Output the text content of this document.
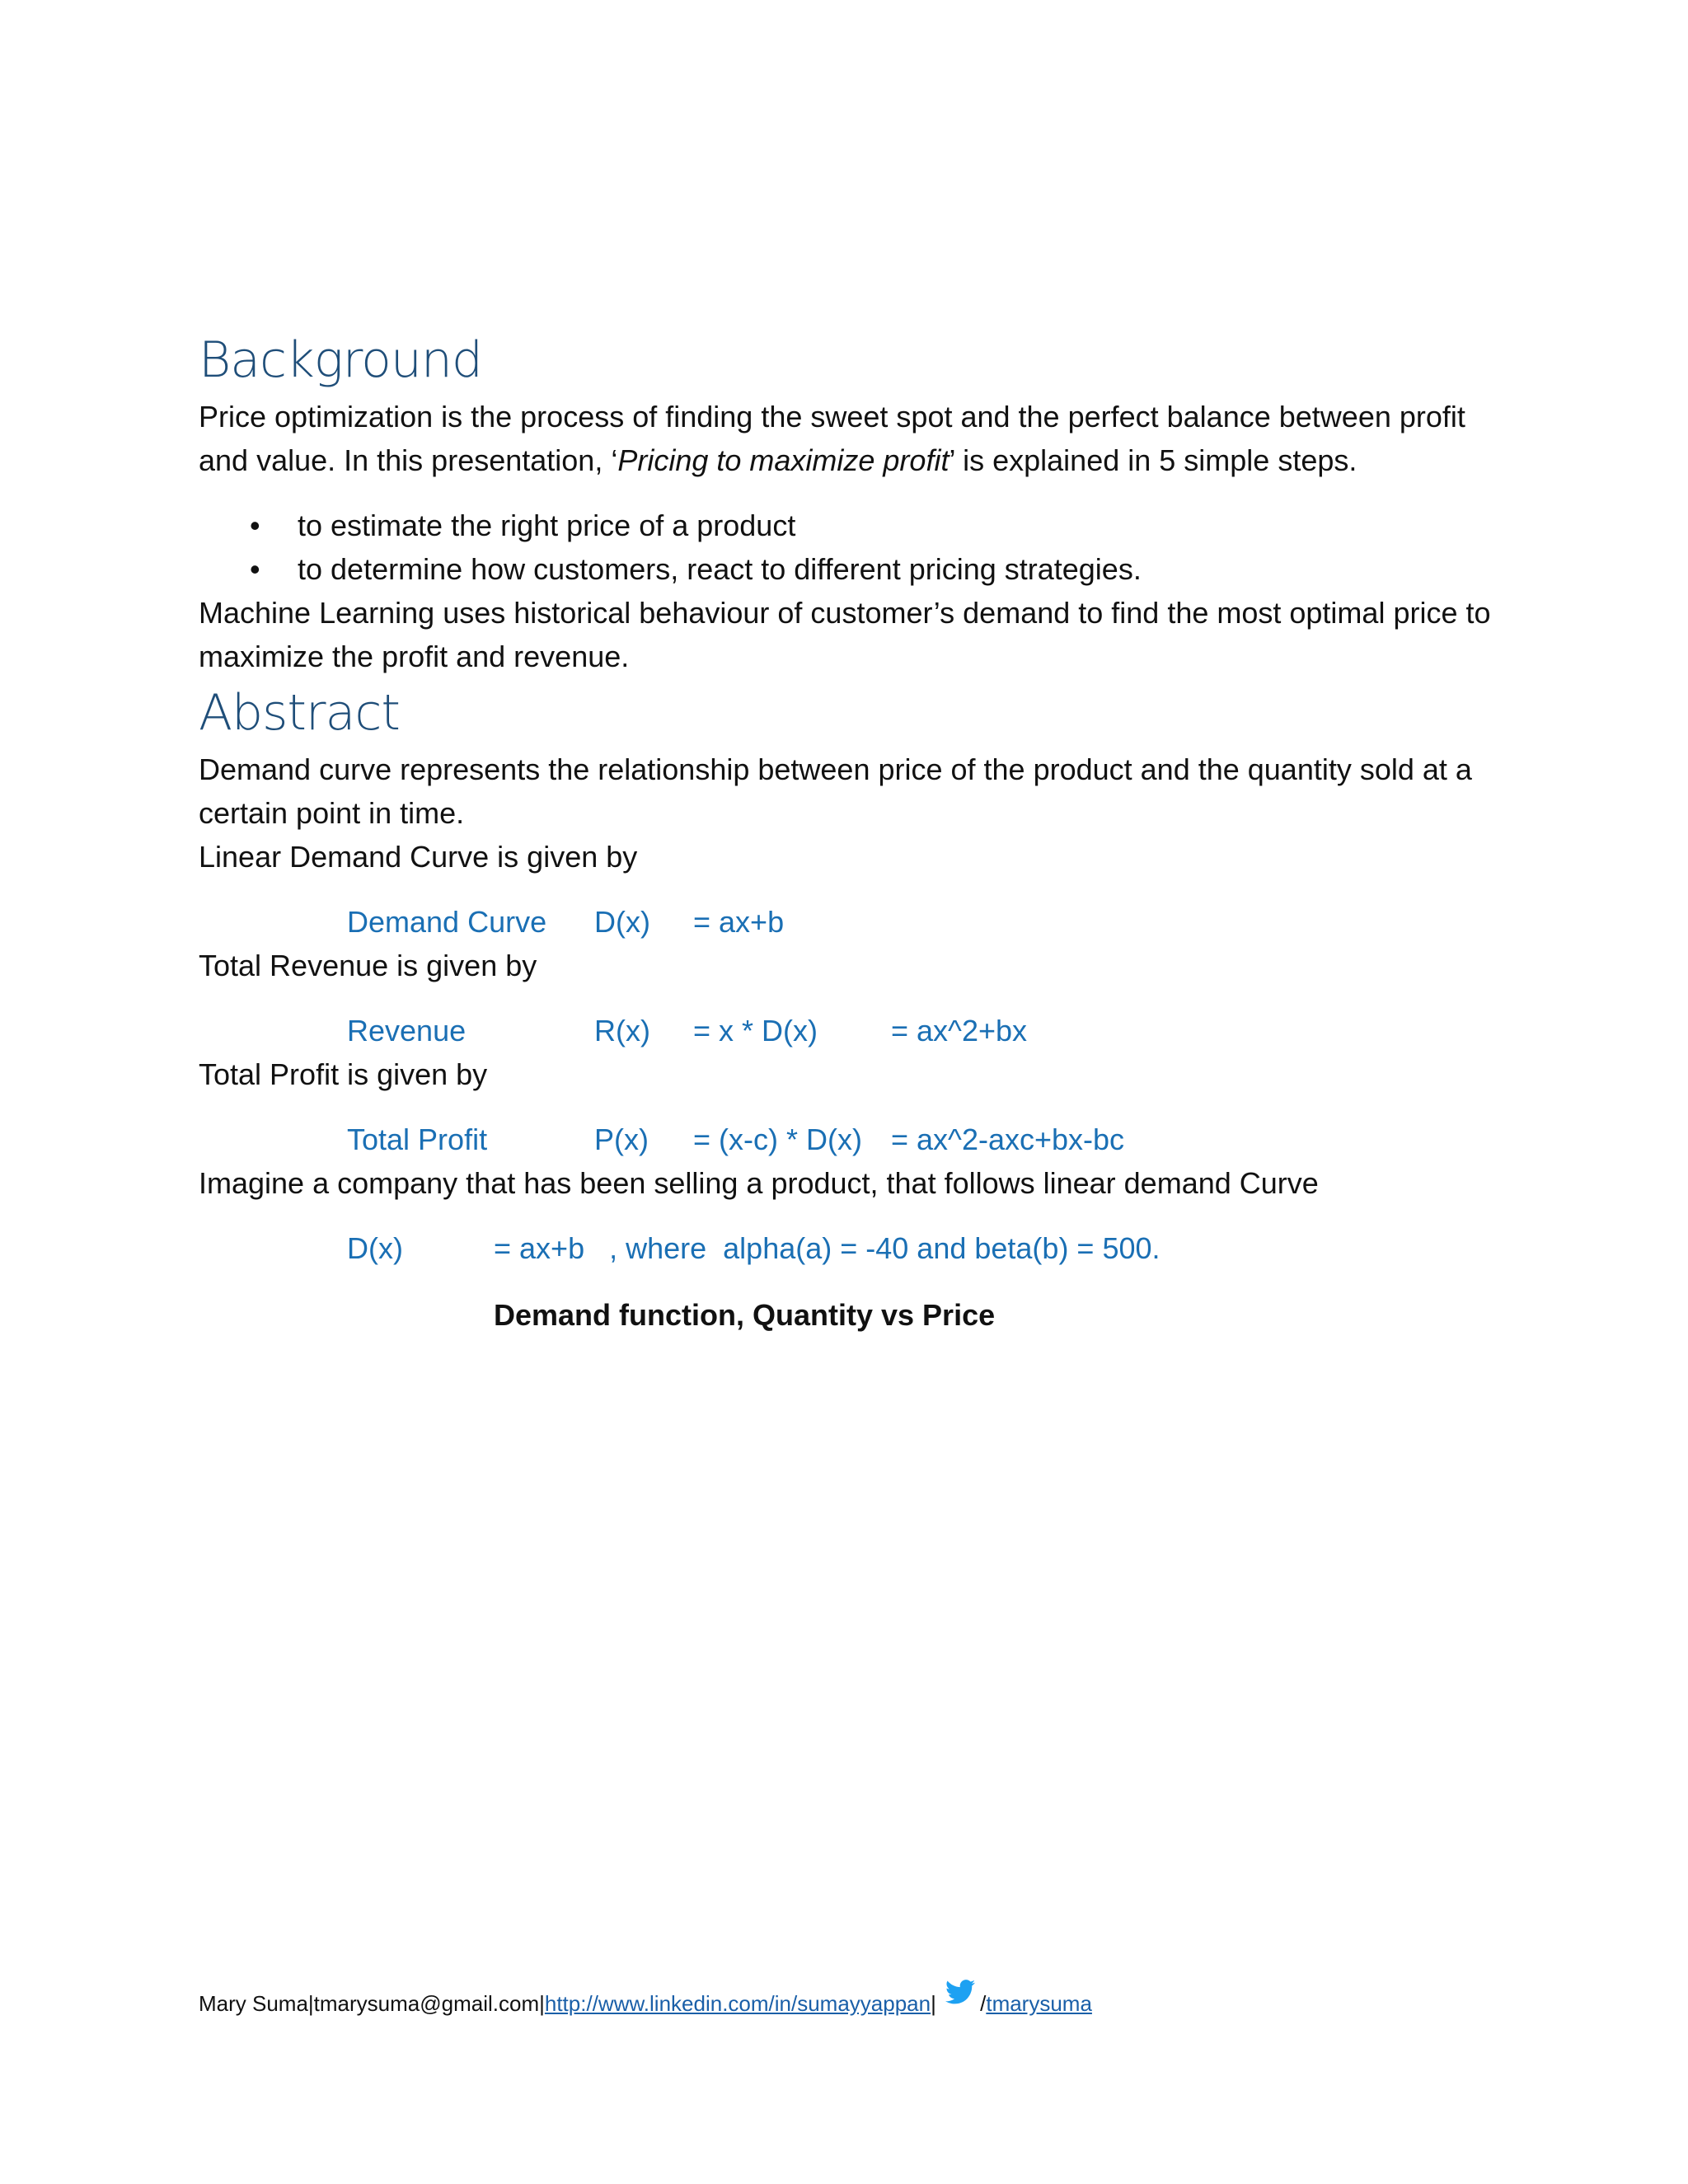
Background

Price optimization is the process of finding the sweet spot and the perfect balance between profit and value. In this presentation, ‘Pricing to maximize profit’ is explained in 5 simple steps.

• to estimate the right price of a product
• to determine how customers, react to different pricing strategies.

Machine Learning uses historical behaviour of customer’s demand to find the most optimal price to maximize the profit and revenue.

Abstract

Demand curve represents the relationship between price of the product and the quantity sold at a certain point in time.

Linear Demand Curve is given by

Demand Curve D(x) = ax+b

Total Revenue is given by

Revenue	R(x) = x * D(x) = ax^2+bx

Total Profit is given by

Total Profit	P(x) = (x-c) * D(x) = ax^2-axc+bx-bc

Imagine a company that has been selling a product, that follows linear demand Curve

D(x)	= ax+b   , where  alpha(a) = -40 and beta(b) = 500.
Demand function, Quantity vs Price
Mary Suma|tmarysuma@gmail.com|http://www.linkedin.com/in/sumayyappan| /tmarysuma
